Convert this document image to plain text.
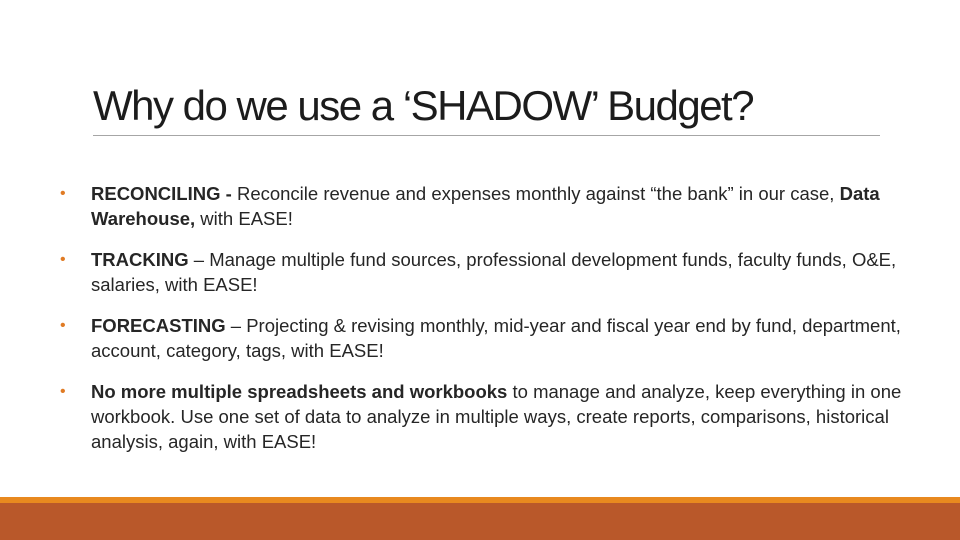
Why do we use a ‘SHADOW’ Budget?
• RECONCILING - Reconcile revenue and expenses monthly against “the bank” in our case, Data Warehouse, with EASE!
• TRACKING – Manage multiple fund sources, professional development funds, faculty funds, O&E, salaries, with EASE!
• FORECASTING – Projecting & revising monthly, mid-year and fiscal year end by fund, department, account, category, tags, with EASE!
• No more multiple spreadsheets and workbooks to manage and analyze, keep everything in one workbook. Use one set of data to analyze in multiple ways, create reports, comparisons, historical analysis, again, with EASE!
